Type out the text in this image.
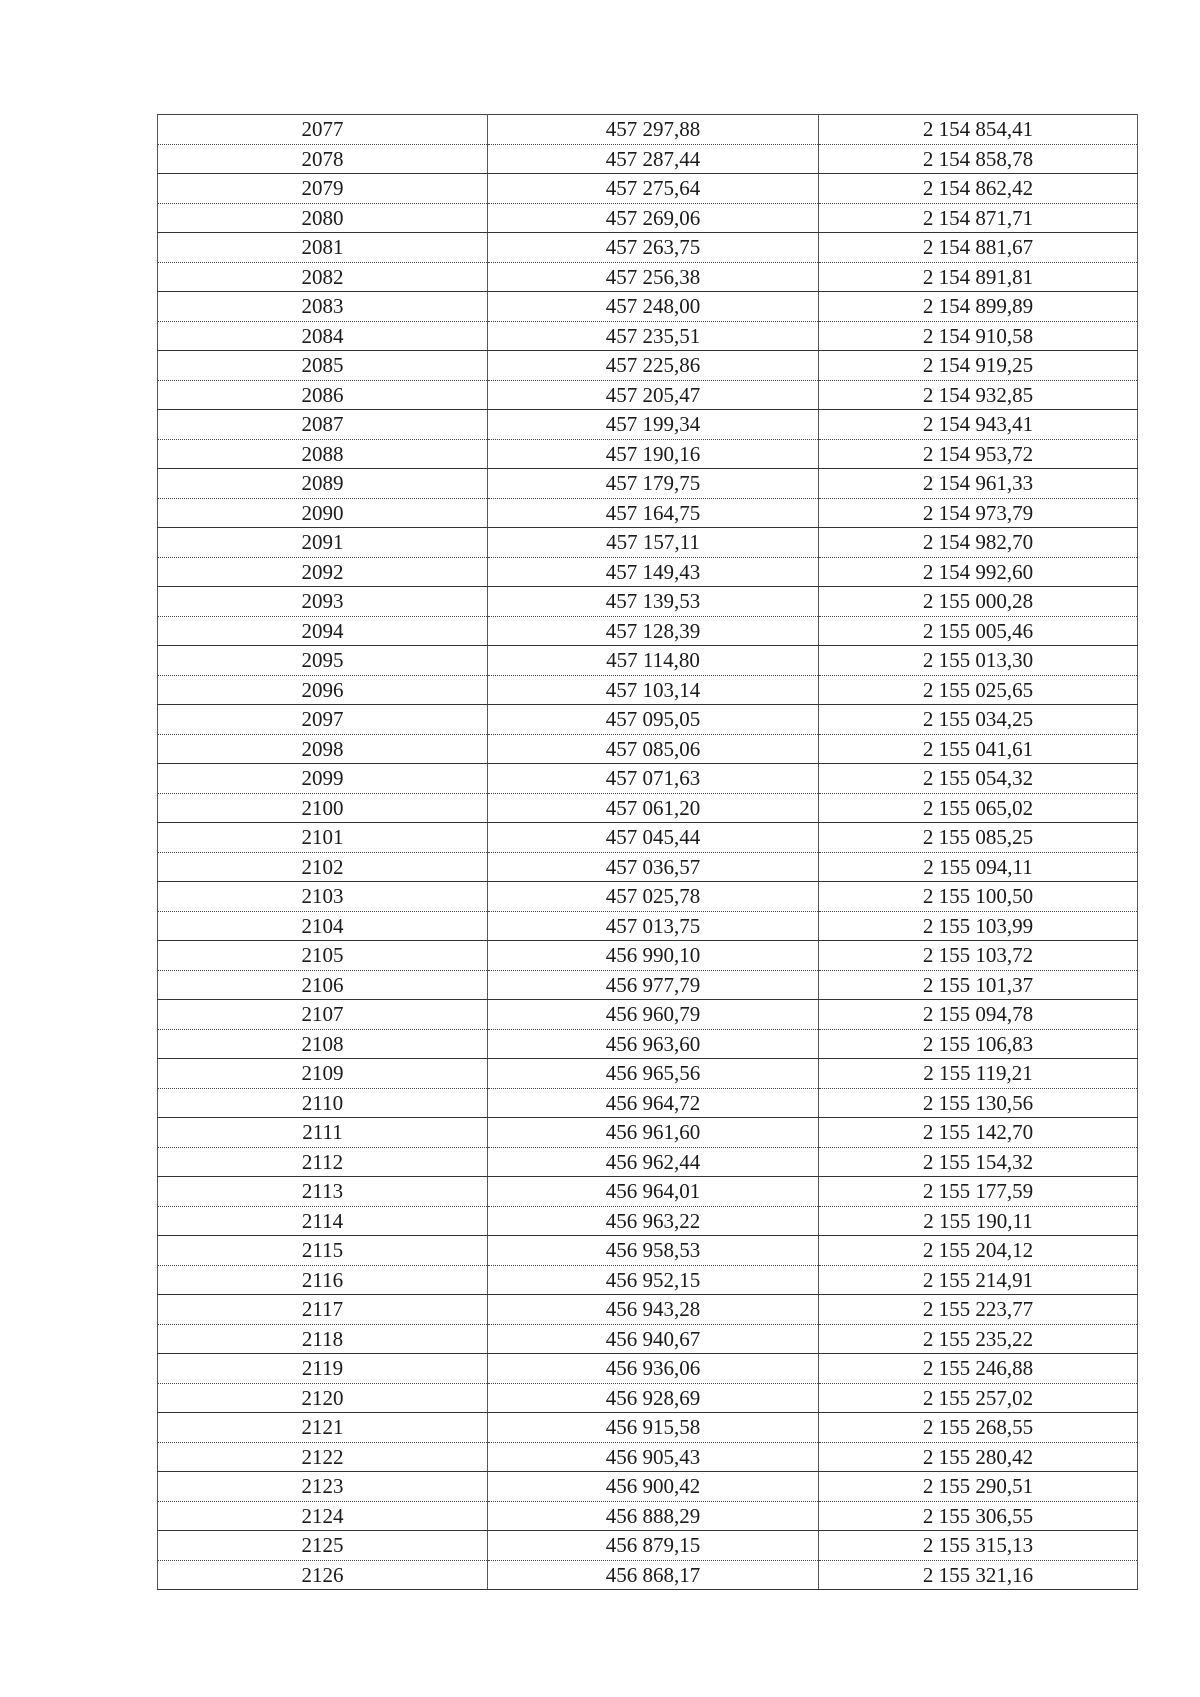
2077	457 297,88	2 154 854,41
2078	457 287,44	2 154 858,78
2079	457 275,64	2 154 862,42
2080	457 269,06	2 154 871,71
2081	457 263,75	2 154 881,67
2082	457 256,38	2 154 891,81
2083	457 248,00	2 154 899,89
2084	457 235,51	2 154 910,58
2085	457 225,86	2 154 919,25
2086	457 205,47	2 154 932,85
2087	457 199,34	2 154 943,41
2088	457 190,16	2 154 953,72
2089	457 179,75	2 154 961,33
2090	457 164,75	2 154 973,79
2091	457 157,11	2 154 982,70
2092	457 149,43	2 154 992,60
2093	457 139,53	2 155 000,28
2094	457 128,39	2 155 005,46
2095	457 114,80	2 155 013,30
2096	457 103,14	2 155 025,65
2097	457 095,05	2 155 034,25
2098	457 085,06	2 155 041,61
2099	457 071,63	2 155 054,32
2100	457 061,20	2 155 065,02
2101	457 045,44	2 155 085,25
2102	457 036,57	2 155 094,11
2103	457 025,78	2 155 100,50
2104	457 013,75	2 155 103,99
2105	456 990,10	2 155 103,72
2106	456 977,79	2 155 101,37
2107	456 960,79	2 155 094,78
2108	456 963,60	2 155 106,83
2109	456 965,56	2 155 119,21
2110	456 964,72	2 155 130,56
2111	456 961,60	2 155 142,70
2112	456 962,44	2 155 154,32
2113	456 964,01	2 155 177,59
2114	456 963,22	2 155 190,11
2115	456 958,53	2 155 204,12
2116	456 952,15	2 155 214,91
2117	456 943,28	2 155 223,77
2118	456 940,67	2 155 235,22
2119	456 936,06	2 155 246,88
2120	456 928,69	2 155 257,02
2121	456 915,58	2 155 268,55
2122	456 905,43	2 155 280,42
2123	456 900,42	2 155 290,51
2124	456 888,29	2 155 306,55
2125	456 879,15	2 155 315,13
2126	456 868,17	2 155 321,16
